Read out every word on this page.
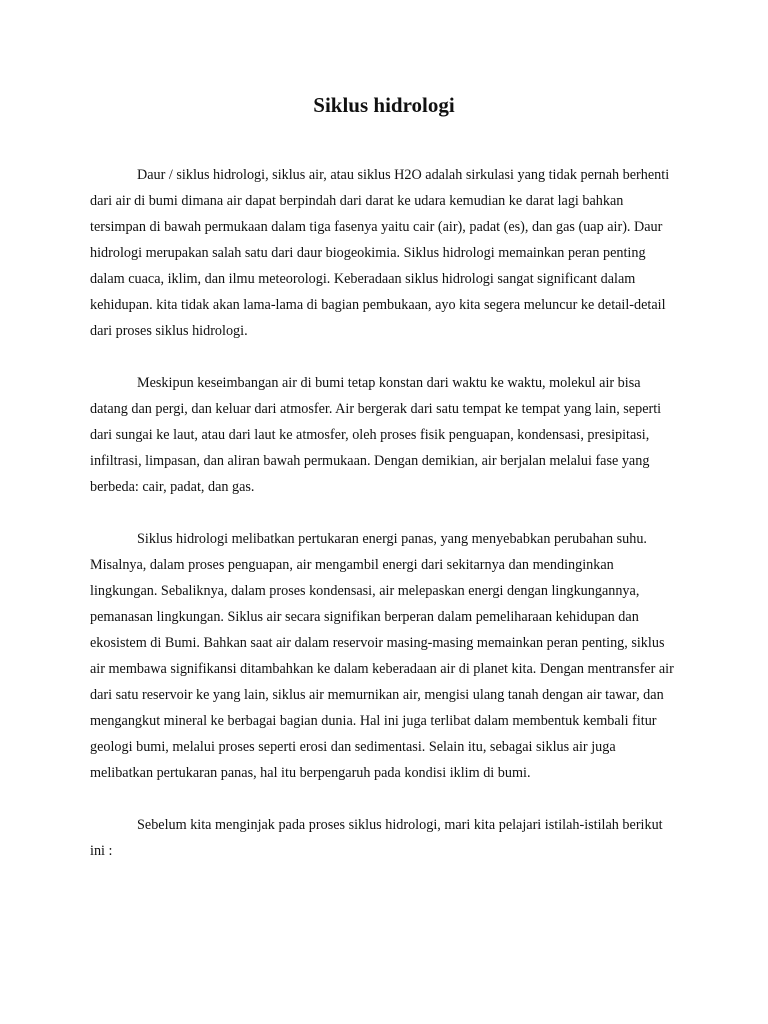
Siklus hidrologi

Daur / siklus hidrologi, siklus air, atau siklus H2O adalah sirkulasi yang tidak pernah berhenti dari air di bumi dimana air dapat berpindah dari darat ke udara kemudian ke darat lagi bahkan tersimpan di bawah permukaan dalam tiga fasenya yaitu cair (air), padat (es), dan gas (uap air). Daur hidrologi merupakan salah satu dari daur biogeokimia. Siklus hidrologi memainkan peran penting dalam cuaca, iklim, dan ilmu meteorologi. Keberadaan siklus hidrologi sangat significant dalam kehidupan. kita tidak akan lama-lama di bagian pembukaan, ayo kita segera meluncur ke detail-detail dari proses siklus hidrologi.

Meskipun keseimbangan air di bumi tetap konstan dari waktu ke waktu, molekul air bisa datang dan pergi, dan keluar dari atmosfer. Air bergerak dari satu tempat ke tempat yang lain, seperti dari sungai ke laut, atau dari laut ke atmosfer, oleh proses fisik penguapan, kondensasi, presipitasi, infiltrasi, limpasan, dan aliran bawah permukaan. Dengan demikian, air berjalan melalui fase yang berbeda: cair, padat, dan gas.

Siklus hidrologi melibatkan pertukaran energi panas, yang menyebabkan perubahan suhu. Misalnya, dalam proses penguapan, air mengambil energi dari sekitarnya dan mendinginkan lingkungan. Sebaliknya, dalam proses kondensasi, air melepaskan energi dengan lingkungannya, pemanasan lingkungan. Siklus air secara signifikan berperan dalam pemeliharaan kehidupan dan ekosistem di Bumi. Bahkan saat air dalam reservoir masing-masing memainkan peran penting, siklus air membawa signifikansi ditambahkan ke dalam keberadaan air di planet kita. Dengan mentransfer air dari satu reservoir ke yang lain, siklus air memurnikan air, mengisi ulang tanah dengan air tawar, dan mengangkut mineral ke berbagai bagian dunia. Hal ini juga terlibat dalam membentuk kembali fitur geologi bumi, melalui proses seperti erosi dan sedimentasi. Selain itu, sebagai siklus air juga melibatkan pertukaran panas, hal itu berpengaruh pada kondisi iklim di bumi.

Sebelum kita menginjak pada proses siklus hidrologi, mari kita pelajari istilah-istilah berikut ini :
